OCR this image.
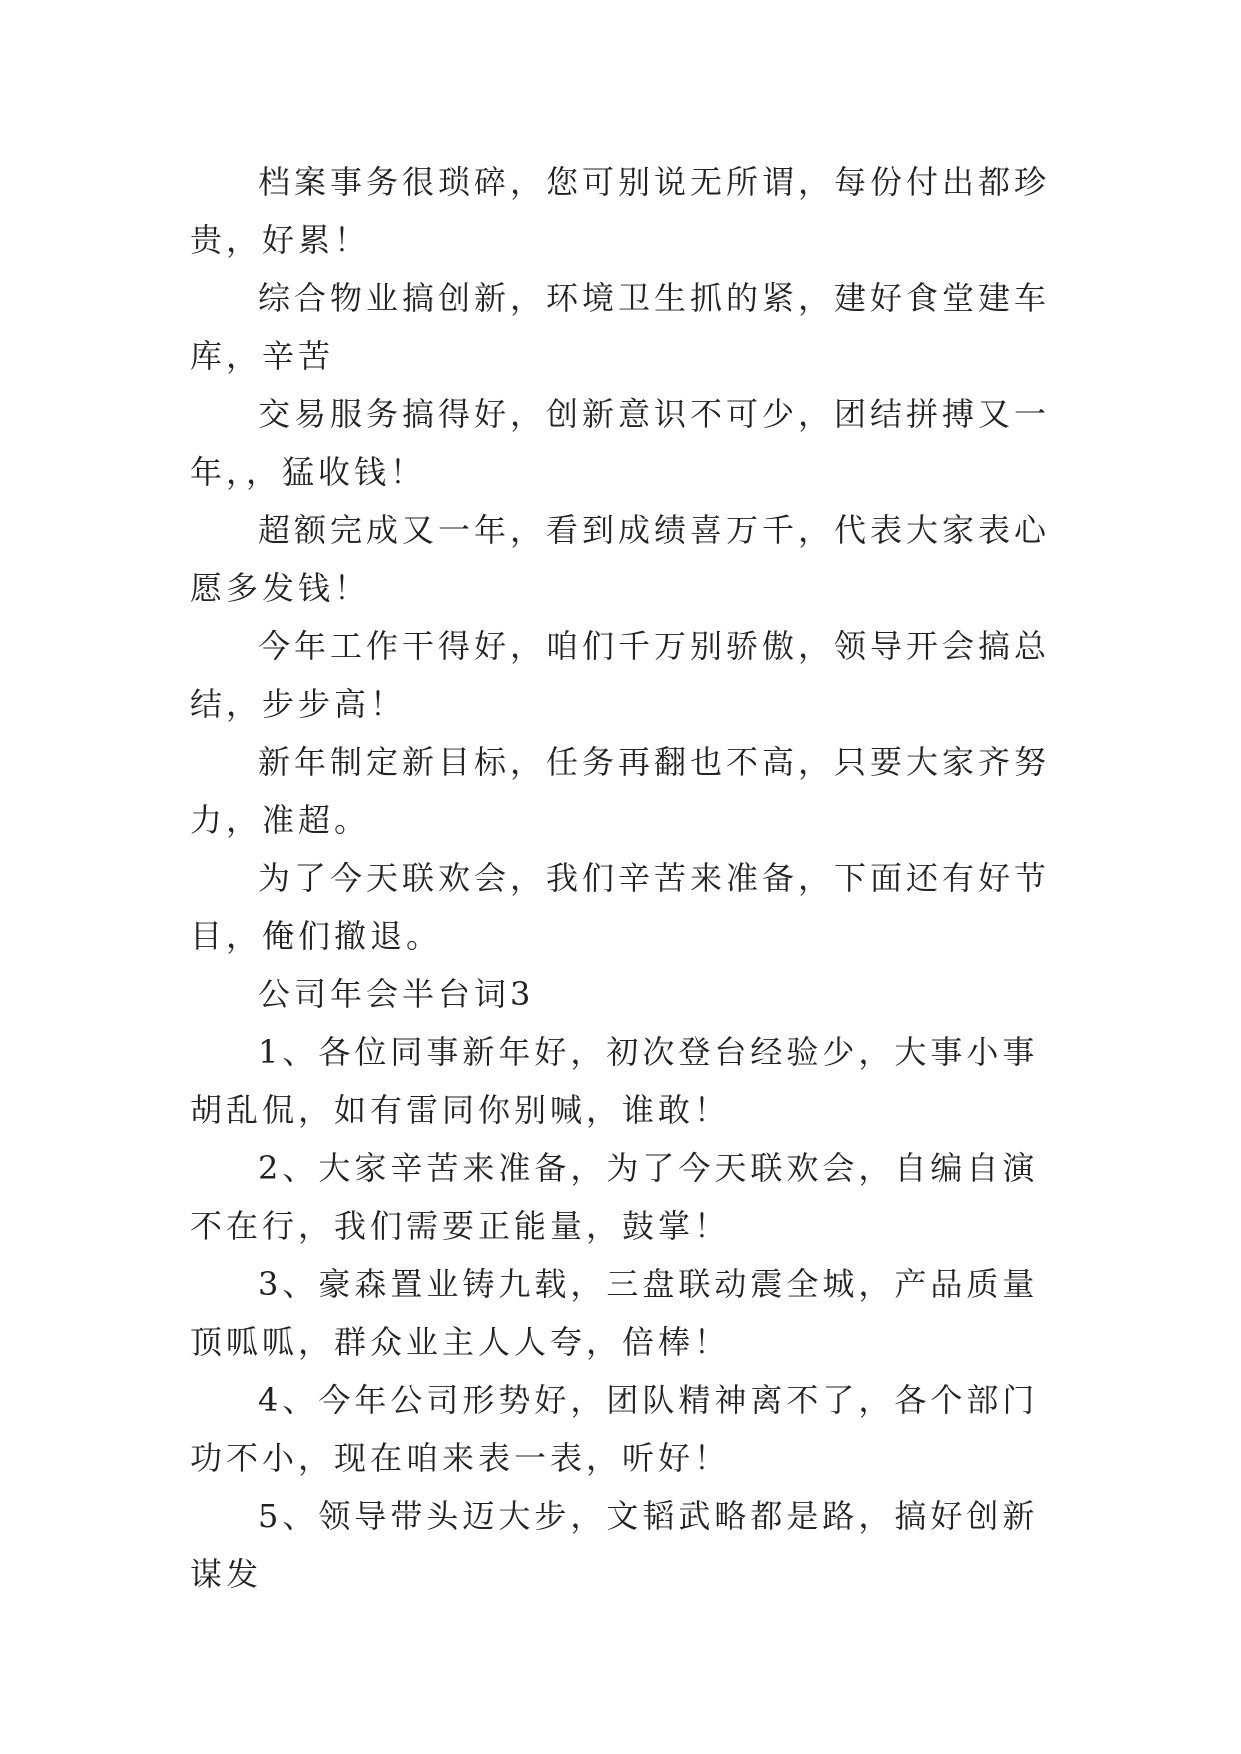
档案事务很琐碎，您可别说无所谓，每份付出都珍贵，好累！

综合物业搞创新，环境卫生抓的紧，建好食堂建车库，辛苦

交易服务搞得好，创新意识不可少，团结拼搏又一年，，猛收钱！

超额完成又一年，看到成绩喜万千，代表大家表心愿多发钱！

今年工作干得好，咱们千万别骄傲，领导开会搞总结，步步高！

新年制定新目标，任务再翻也不高，只要大家齐努力，准超。

为了今天联欢会，我们辛苦来准备，下面还有好节目，俺们撤退。

公司年会半台词3

1、各位同事新年好，初次登台经验少，大事小事胡乱侃，如有雷同你别喊，谁敢！

2、大家辛苦来准备，为了今天联欢会，自编自演不在行，我们需要正能量，鼓掌！

3、豪森置业铸九载，三盘联动震全城，产品质量顶呱呱，群众业主人人夸，倍棒！

4、今年公司形势好，团队精神离不了，各个部门功不小，现在咱来表一表，听好！

5、领导带头迈大步，文韬武略都是路，搞好创新谋发
